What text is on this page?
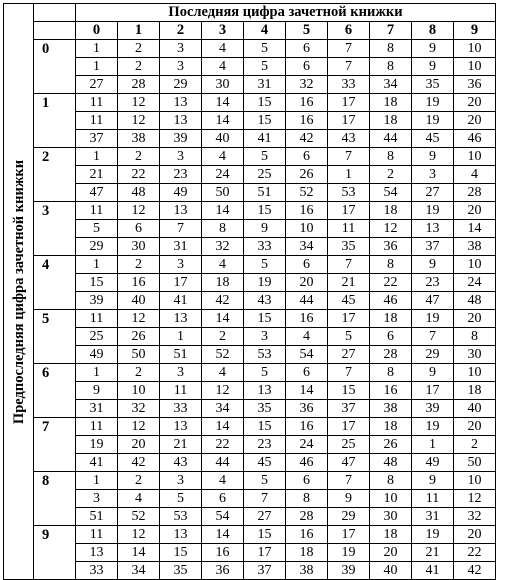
Предпоследняя цифра зачетной книжки		Последняя цифра зачетной книжки									
		0	1	2	3	4	5	6	7	8	9
	0	1	2	3	4	5	6	7	8	9	10
		1	2	3	4	5	6	7	8	9	10
		27	28	29	30	31	32	33	34	35	36
	1	11	12	13	14	15	16	17	18	19	20
		11	12	13	14	15	16	17	18	19	20
		37	38	39	40	41	42	43	44	45	46
	2	1	2	3	4	5	6	7	8	9	10
		21	22	23	24	25	26	1	2	3	4
		47	48	49	50	51	52	53	54	27	28
	3	11	12	13	14	15	16	17	18	19	20
		5	6	7	8	9	10	11	12	13	14
		29	30	31	32	33	34	35	36	37	38
	4	1	2	3	4	5	6	7	8	9	10
		15	16	17	18	19	20	21	22	23	24
		39	40	41	42	43	44	45	46	47	48
	5	11	12	13	14	15	16	17	18	19	20
		25	26	1	2	3	4	5	6	7	8
		49	50	51	52	53	54	27	28	29	30
	6	1	2	3	4	5	6	7	8	9	10
		9	10	11	12	13	14	15	16	17	18
		31	32	33	34	35	36	37	38	39	40
	7	11	12	13	14	15	16	17	18	19	20
		19	20	21	22	23	24	25	26	1	2
		41	42	43	44	45	46	47	48	49	50
	8	1	2	3	4	5	6	7	8	9	10
		3	4	5	6	7	8	9	10	11	12
		51	52	53	54	27	28	29	30	31	32
	9	11	12	13	14	15	16	17	18	19	20
		13	14	15	16	17	18	19	20	21	22
		33	34	35	36	37	38	39	40	41	42
